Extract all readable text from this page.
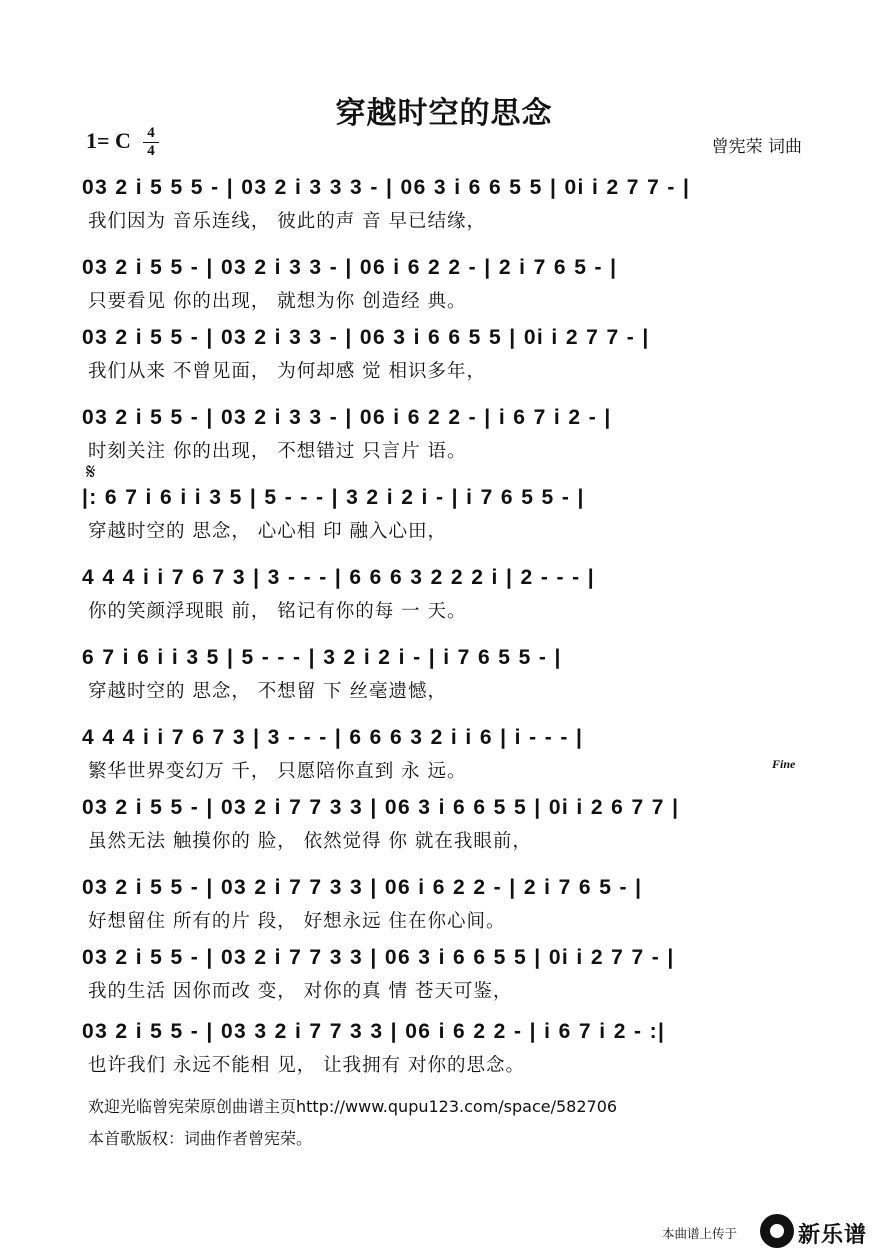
穿越时空的思念
1= C 4
4	曾宪荣 词曲
𝄋
03 2 i 5 5 5 - | 03 2 i 3 3 3 - | 06 3 i 6 6 5 5 | 0i i 2 7 7 - |
我们因为 音乐连线， 彼此的声 音 早已结缘，
03 2 i 5 5 - | 03 2 i 3 3 - | 06 i 6 2 2 - | 2 i 7 6 5 - |
只要看见 你的出现， 就想为你 创造经 典。
03 2 i 5 5 - | 03 2 i 3 3 - | 06 3 i 6 6 5 5 | 0i i 2 7 7 - |
我们从来 不曾见面， 为何却感 觉 相识多年，
03 2 i 5 5 - | 03 2 i 3 3 - | 06 i 6 2 2 - | i 6 7 i 2 - |
时刻关注 你的出现， 不想错过 只言片 语。
|: 6 7 i 6 i i 3 5 | 5 - - - | 3 2 i 2 i - | i 7 6 5 5 - |
穿越时空的 思念， 心心相 印 融入心田，
4 4 4 i i 7 6 7 3 | 3 - - - | 6 6 6 3 2 2 2 i | 2 - - - |
你的笑颜浮现眼 前， 铭记有你的每 一 天。
6 7 i 6 i i 3 5 | 5 - - - | 3 2 i 2 i - | i 7 6 5 5 - |
穿越时空的 思念， 不想留 下 丝毫遗憾，
4 4 4 i i 7 6 7 3 | 3 - - - | 6 6 6 3 2 i i 6 | i - - - |
繁华世界变幻万 千， 只愿陪你直到 永 远。
03 2 i 5 5 - | 03 2 i 7 7 3 3 | 06 3 i 6 6 5 5 | 0i i 2 6 7 7 |
虽然无法 触摸你的 脸， 依然觉得 你 就在我眼前，
03 2 i 5 5 - | 03 2 i 7 7 3 3 | 06 i 6 2 2 - | 2 i 7 6 5 - |
好想留住 所有的片 段， 好想永远 住在你心间。
03 2 i 5 5 - | 03 2 i 7 7 3 3 | 06 3 i 6 6 5 5 | 0i i 2 7 7 - |
我的生活 因你而改 变， 对你的真 情 苍天可鉴，
03 2 i 5 5 - | 03 3 2 i 7 7 3 3 | 06 i 6 2 2 - | i 6 7 i 2 - :|
也许我们 永远不能相 见， 让我拥有 对你的思念。
Fine
欢迎光临曾宪荣原创曲谱主页http://www.qupu123.com/space/582706
本首歌版权：词曲作者曾宪荣。
本曲谱上传于	新乐谱
